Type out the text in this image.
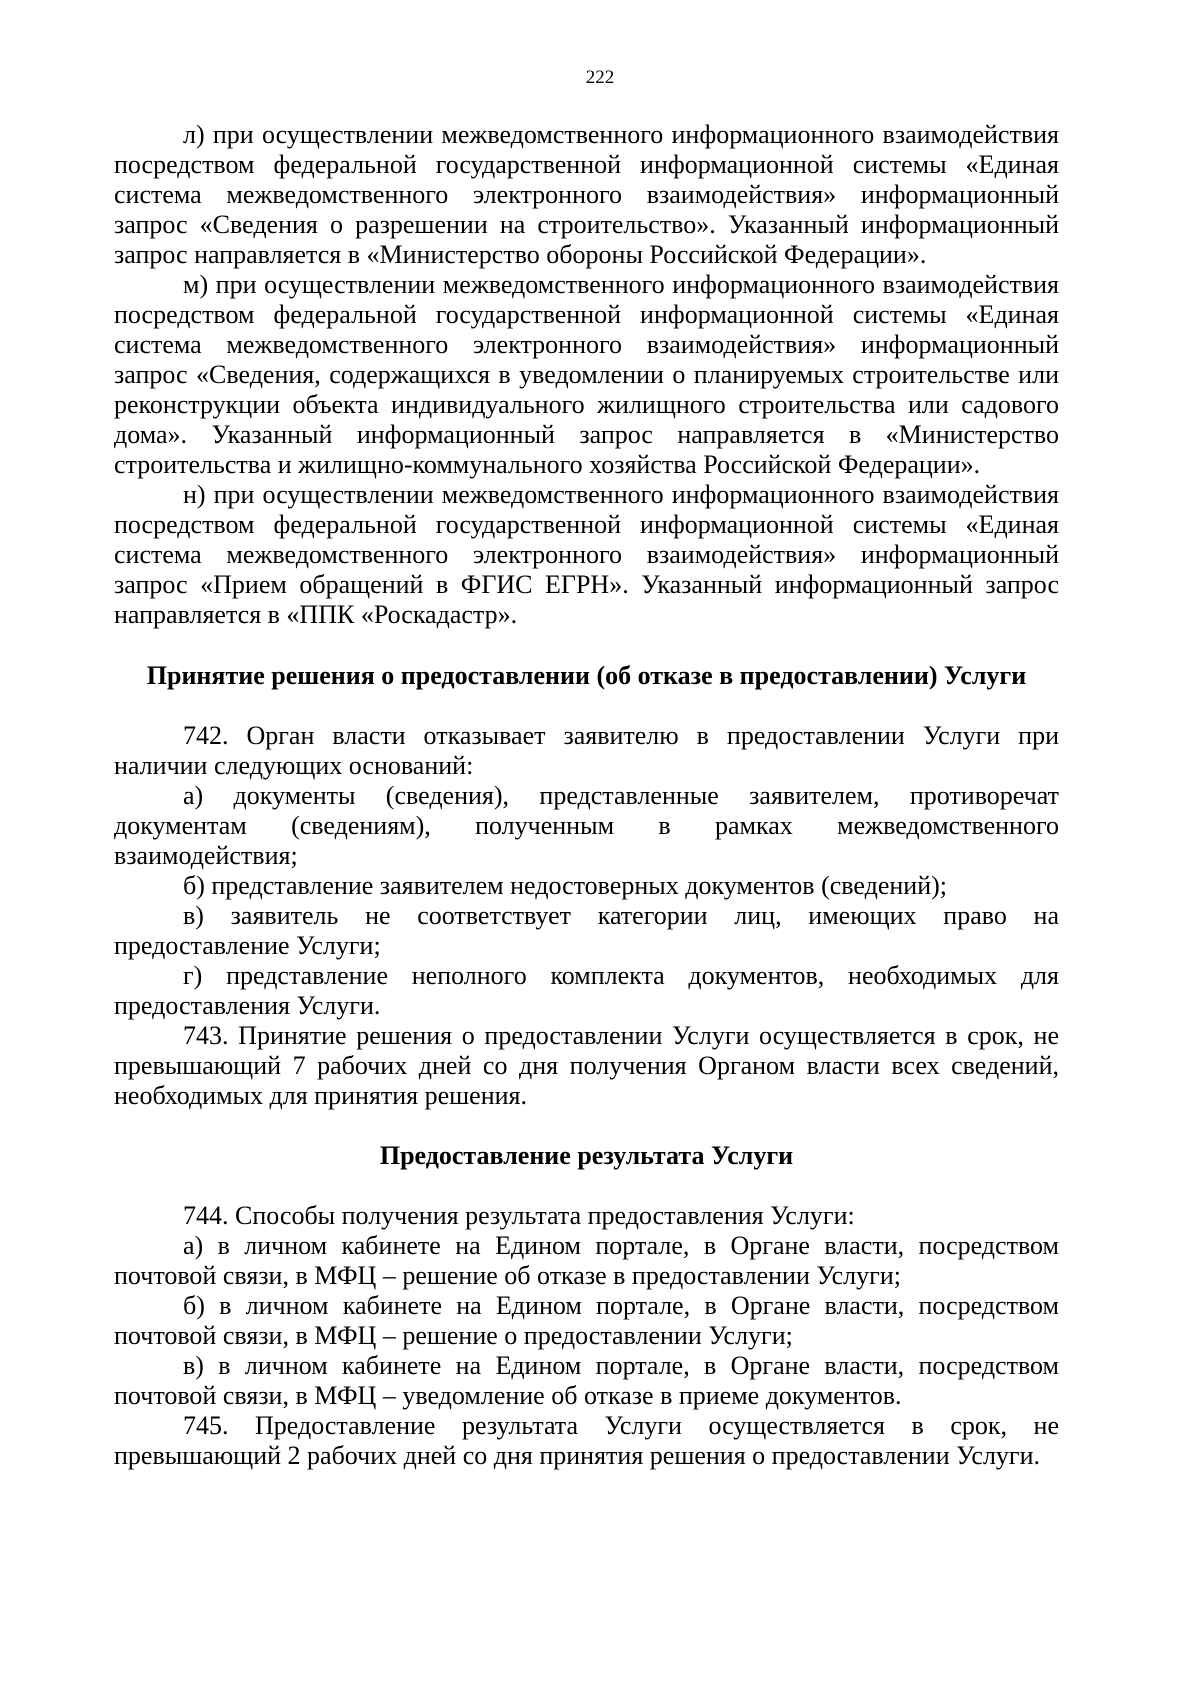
222

л) при осуществлении межведомственного информационного взаимодействия посредством федеральной государственной информационной системы «Единая система межведомственного электронного взаимодействия» информационный запрос «Сведения о разрешении на строительство». Указанный информационный запрос направляется в «Министерство обороны Российской Федерации».

м) при осуществлении межведомственного информационного взаимодействия посредством федеральной государственной информационной системы «Единая система межведомственного электронного взаимодействия» информационный запрос «Сведения, содержащихся в уведомлении о планируемых строительстве или реконструкции объекта индивидуального жилищного строительства или садового дома». Указанный информационный запрос направляется в «Министерство строительства и жилищно-коммунального хозяйства Российской Федерации».

н) при осуществлении межведомственного информационного взаимодействия посредством федеральной государственной информационной системы «Единая система межведомственного электронного взаимодействия» информационный запрос «Прием обращений в ФГИС ЕГРН». Указанный информационный запрос направляется в «ППК «Роскадастр».

Принятие решения о предоставлении (об отказе в предоставлении) Услуги

742. Орган власти отказывает заявителю в предоставлении Услуги при наличии следующих оснований:

а) документы (сведения), представленные заявителем, противоречат документам (сведениям), полученным в рамках межведомственного взаимодействия;

б) представление заявителем недостоверных документов (сведений);

в) заявитель не соответствует категории лиц, имеющих право на предоставление Услуги;

г) представление неполного комплекта документов, необходимых для предоставления Услуги.

743. Принятие решения о предоставлении Услуги осуществляется в срок, не превышающий 7 рабочих дней со дня получения Органом власти всех сведений, необходимых для принятия решения.

Предоставление результата Услуги

744. Способы получения результата предоставления Услуги:

а) в личном кабинете на Едином портале, в Органе власти, посредством почтовой связи, в МФЦ – решение об отказе в предоставлении Услуги;

б) в личном кабинете на Едином портале, в Органе власти, посредством почтовой связи, в МФЦ – решение о предоставлении Услуги;

в) в личном кабинете на Едином портале, в Органе власти, посредством почтовой связи, в МФЦ – уведомление об отказе в приеме документов.

745. Предоставление результата Услуги осуществляется в срок, не превышающий 2 рабочих дней со дня принятия решения о предоставлении Услуги.
